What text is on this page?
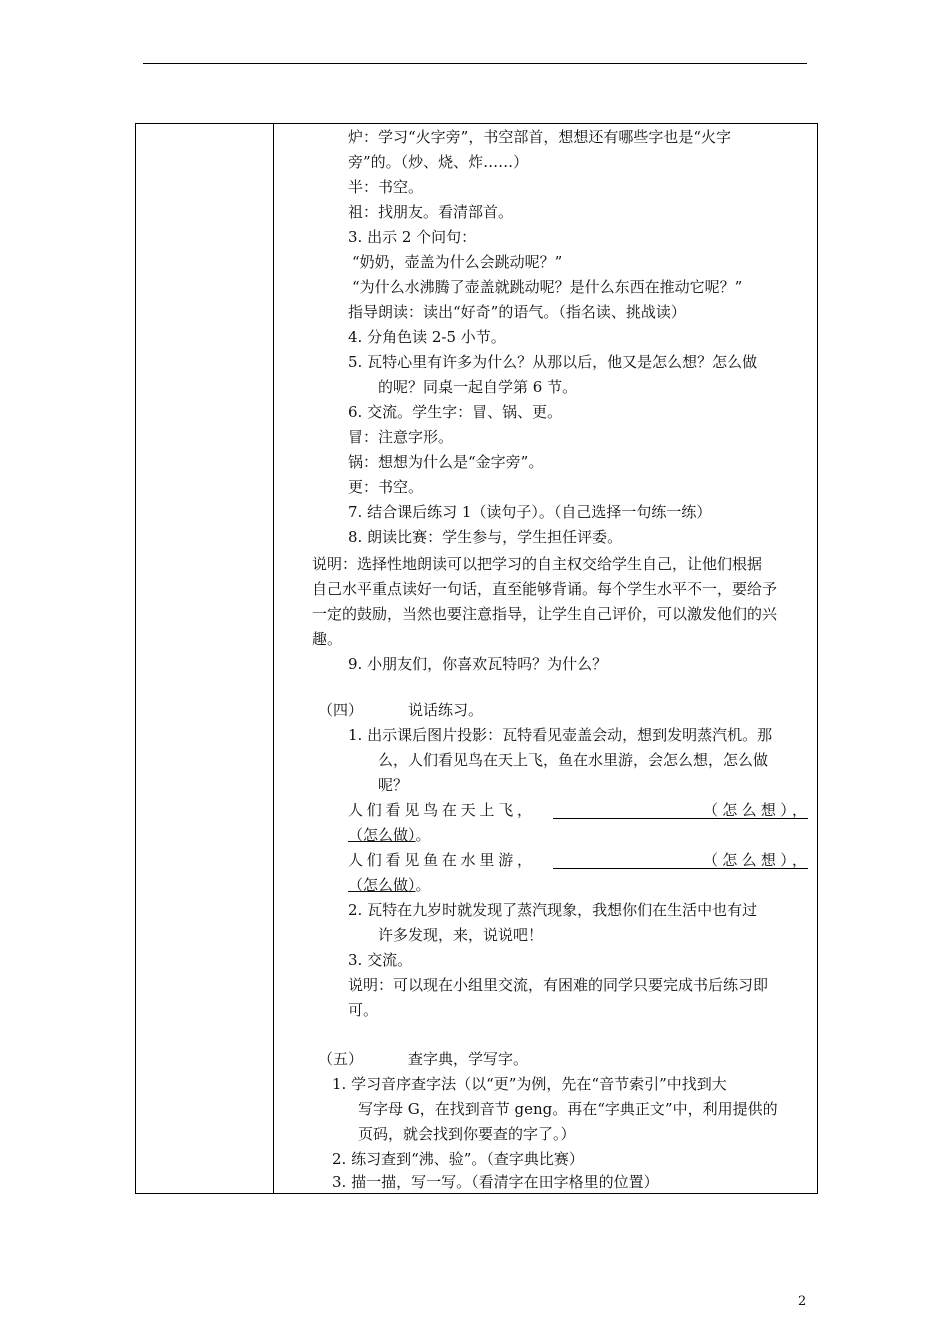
炉：学习“火字旁”，书空部首，想想还有哪些字也是“火字
旁”的。（炒、烧、炸……）
半：书空。
祖：找朋友。看清部首。
3. 出示 2 个问句：
“奶奶，壶盖为什么会跳动呢？”
“为什么水沸腾了壶盖就跳动呢？是什么东西在推动它呢？”
指导朗读：读出“好奇”的语气。（指名读、挑战读）
4. 分角色读 2-5 小节。
5. 瓦特心里有许多为什么？从那以后，他又是怎么想？怎么做
的呢？同桌一起自学第 6 节。
6. 交流。学生字：冒、锅、更。
冒：注意字形。
锅：想想为什么是“金字旁”。
更：书空。
7. 结合课后练习 1（读句子）。（自己选择一句练一练）
8. 朗读比赛：学生参与，学生担任评委。
说明：选择性地朗读可以把学习的自主权交给学生自己，让他们根据
自己水平重点读好一句话，直至能够背诵。每个学生水平不一，要给予
一定的鼓励，当然也要注意指导，让学生自己评价，可以激发他们的兴
趣。
9. 小朋友们，你喜欢瓦特吗？为什么？
（四）	说话练习。
1. 出示课后图片投影：瓦特看见壶盖会动，想到发明蒸汽机。那
么，人们看见鸟在天上飞，鱼在水里游，会怎么想，怎么做
呢？
人们看见鸟在天上飞，	（怎么想），
（怎么做）。
人们看见鱼在水里游，	（怎么想），
（怎么做）。
2. 瓦特在九岁时就发现了蒸汽现象，我想你们在生活中也有过
许多发现，来，说说吧！
3. 交流。
说明：可以现在小组里交流，有困难的同学只要完成书后练习即
可。
（五）	查字典，学写字。
1. 学习音序查字法（以“更”为例，先在“音节索引”中找到大
写字母 G，在找到音节 geng。再在“字典正文”中，利用提供的
页码，就会找到你要查的字了。）
2. 练习查到“沸、验”。（查字典比赛）
3. 描一描，写一写。（看清字在田字格里的位置）
2
